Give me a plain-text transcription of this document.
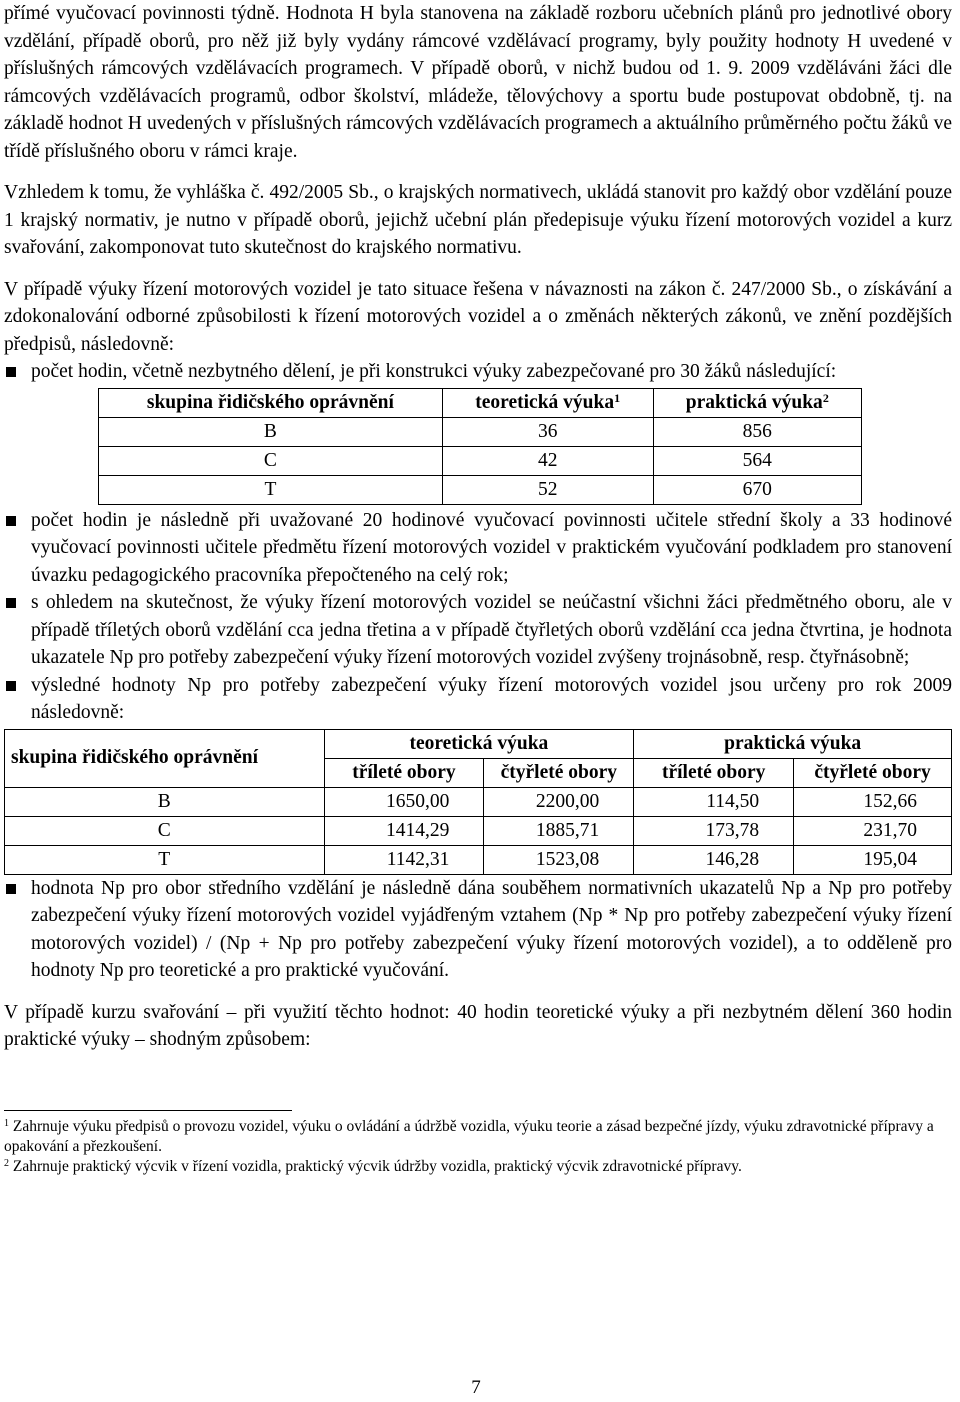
přímé vyučovací povinnosti týdně. Hodnota H byla stanovena na základě rozboru učebních plánů pro jednotlivé obory vzdělání, případě oborů, pro něž již byly vydány rámcové vzdělávací programy, byly použity hodnoty H uvedené v příslušných rámcových vzdělávacích programech. V případě oborů, v nichž budou od 1. 9. 2009 vzděláváni žáci dle rámcových vzdělávacích programů, odbor školství, mládeže, tělovýchovy a sportu bude postupovat obdobně, tj. na základě hodnot H uvedených v příslušných rámcových vzdělávacích programech a aktuálního průměrného počtu žáků ve třídě příslušného oboru v rámci kraje.

Vzhledem k tomu, že vyhláška č. 492/2005 Sb., o krajských normativech, ukládá stanovit pro každý obor vzdělání pouze 1 krajský normativ, je nutno v případě oborů, jejichž učební plán předepisuje výuku řízení motorových vozidel a kurz svařování, zakomponovat tuto skutečnost do krajského normativu.

V případě výuky řízení motorových vozidel je tato situace řešena v návaznosti na zákon č. 247/2000 Sb., o získávání a zdokonalování odborné způsobilosti k řízení motorových vozidel a o změnách některých zákonů, ve znění pozdějších předpisů, následovně:

počet hodin, včetně nezbytného dělení, je při konstrukci výuky zabezpečované pro 30 žáků následující:
skupina řidičského oprávnění	teoretická výuka$^1$	praktická výuka$^2$
B	36	856
C	42	564
T	52	670
počet hodin je následně při uvažované 20 hodinové vyučovací povinnosti učitele střední školy a 33 hodinové vyučovací povinnosti učitele předmětu řízení motorových vozidel v praktickém vyučování podkladem pro stanovení úvazku pedagogického pracovníka přepočteného na celý rok;
s ohledem na skutečnost, že výuky řízení motorových vozidel se neúčastní všichni žáci předmětného oboru, ale v případě tříletých oborů vzdělání cca jedna třetina a v případě čtyřletých oborů vzdělání cca jedna čtvrtina, je hodnota ukazatele Np pro potřeby zabezpečení výuky řízení motorových vozidel zvýšeny trojnásobně, resp. čtyřnásobně;
výsledné hodnoty Np pro potřeby zabezpečení výuky řízení motorových vozidel jsou určeny pro rok 2009 následovně:
skupina řidičského oprávnění	teoretická výuka		praktická výuka	
	tříleté obory	čtyřleté obory	tříleté obory	čtyřleté obory
B	1650,00	2200,00	114,50	152,66
C	1414,29	1885,71	173,78	231,70
T	1142,31	1523,08	146,28	195,04
hodnota Np pro obor středního vzdělání je následně dána souběhem normativních ukazatelů Np a Np pro potřeby zabezpečení výuky řízení motorových vozidel vyjádřeným vztahem (Np * Np pro potřeby zabezpečení výuky řízení motorových vozidel) / (Np + Np pro potřeby zabezpečení výuky řízení motorových vozidel), a to odděleně pro hodnoty Np pro teoretické a pro praktické vyučování.

V případě kurzu svařování – při využití těchto hodnot: 40 hodin teoretické výuky a při nezbytném dělení 360 hodin praktické výuky – shodným způsobem:

$^1$ Zahrnuje výuku předpisů o provozu vozidel, výuku o ovládání a údržbě vozidla, výuku teorie a zásad bezpečné jízdy, výuku zdravotnické přípravy a opakování a přezkoušení.
$^2$ Zahrnuje praktický výcvik v řízení vozidla, praktický výcvik údržby vozidla, praktický výcvik zdravotnické přípravy.
7
